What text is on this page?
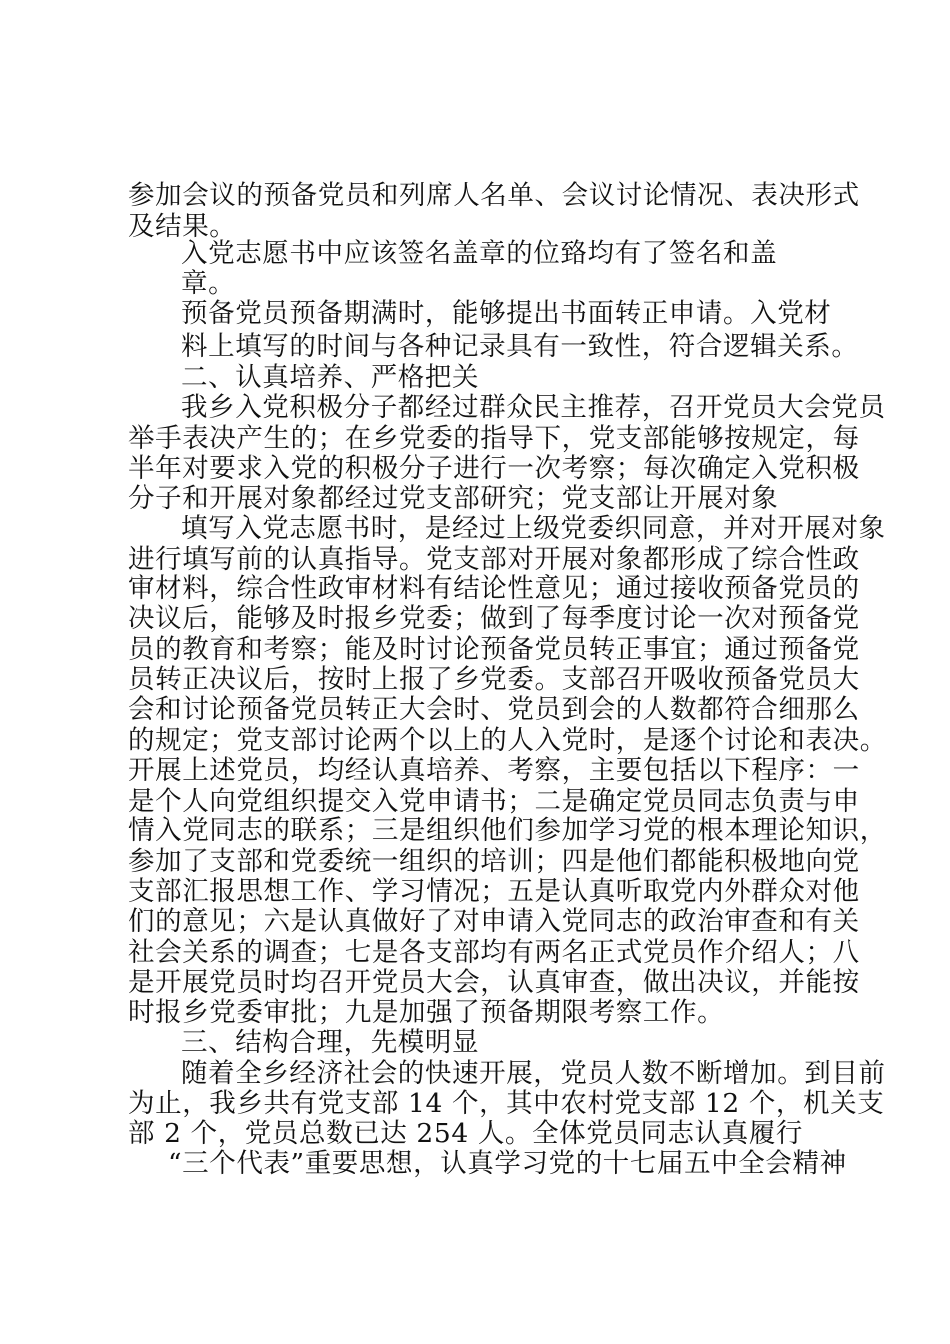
参加会议的预备党员和列席人名单、会议讨论情况、表决形式
及结果。
入党志愿书中应该签名盖章的位臵均有了签名和盖
章。
预备党员预备期满时，能够提出书面转正申请。入党材
料上填写的时间与各种记录具有一致性，符合逻辑关系。
二、认真培养、严格把关
我乡入党积极分子都经过群众民主推荐，召开党员大会党员
举手表决产生的；在乡党委的指导下，党支部能够按规定，每
半年对要求入党的积极分子进行一次考察；每次确定入党积极
分子和开展对象都经过党支部研究；党支部让开展对象
填写入党志愿书时，是经过上级党委织同意，并对开展对象
进行填写前的认真指导。党支部对开展对象都形成了综合性政
审材料，综合性政审材料有结论性意见；通过接收预备党员的
决议后，能够及时报乡党委；做到了每季度讨论一次对预备党
员的教育和考察；能及时讨论预备党员转正事宜；通过预备党
员转正决议后，按时上报了乡党委。支部召开吸收预备党员大
会和讨论预备党员转正大会时、党员到会的人数都符合细那么
的规定；党支部讨论两个以上的人入党时，是逐个讨论和表决。
开展上述党员，均经认真培养、考察，主要包括以下程序：一
是个人向党组织提交入党申请书；二是确定党员同志负责与申
情入党同志的联系；三是组织他们参加学习党的根本理论知识，
参加了支部和党委统一组织的培训；四是他们都能积极地向党
支部汇报思想工作、学习情况；五是认真听取党内外群众对他
们的意见；六是认真做好了对申请入党同志的政治审查和有关
社会关系的调查；七是各支部均有两名正式党员作介绍人；八
是开展党员时均召开党员大会，认真审查，做出决议，并能按
时报乡党委审批；九是加强了预备期限考察工作。
三、结构合理，先模明显
随着全乡经济社会的快速开展，党员人数不断增加。到目前
为止，我乡共有党支部 14 个，其中农村党支部 12 个，机关支
部 2 个，党员总数已达 254 人。全体党员同志认真履行
“三个代表”重要思想，认真学习党的十七届五中全会精神
